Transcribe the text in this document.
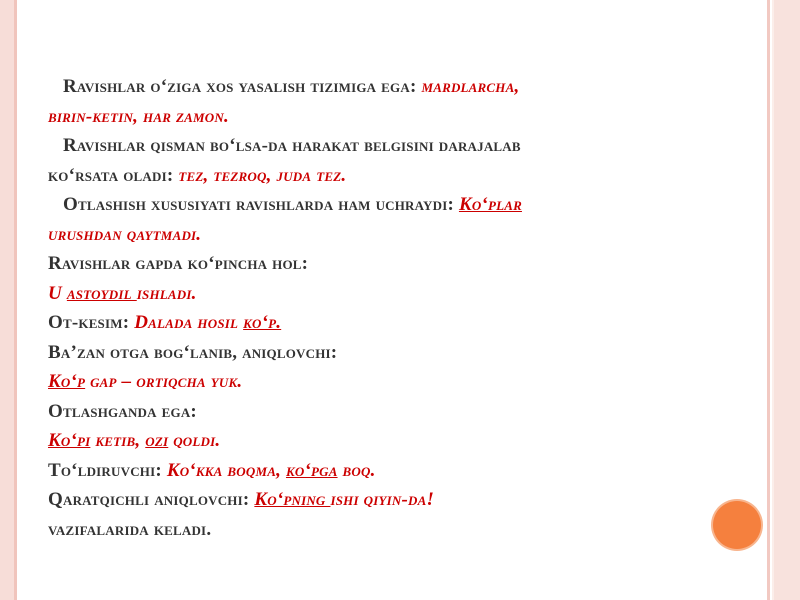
Ravishlar o‘ziga xos yasalish tizimiga ega: mardlarcha,
birin-ketin, har zamon.
Ravishlar qisman bo‘lsa-da harakat belgisini darajalab
ko‘rsata oladi: tez, tezroq, juda tez.
Otlashish xususiyati ravishlarda ham uchraydi: Ko‘plar
urushdan qaytmadi.
Ravishlar gapda ko‘pincha hol:
U astoydil ishladi.
Ot-kesim: Dalada hosil ko‘p.
Ba’zan otga bog‘lanib, aniqlovchi:
Ko‘p gap – ortiqcha yuk.
Otlashganda ega:
Ko‘pi ketib, ozi qoldi.
To‘ldiruvchi: Ko‘kka boqma, ko‘pga boq.
Qaratqichli aniqlovchi: Ko‘pning ishi qiyin-da!
vazifalarida keladi.
